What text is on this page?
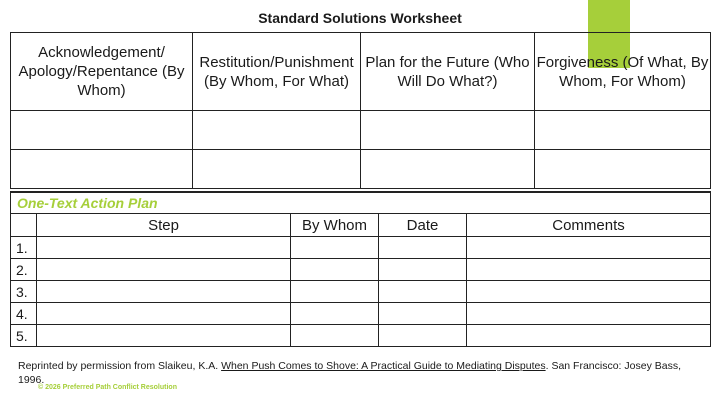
Standard Solutions Worksheet
Acknowledgement/ Apology/Repentance (By Whom)	Restitution/Punishment (By Whom, For What)	Plan for the Future (Who Will Do What?)	Forgiveness (Of What, By Whom, For Whom)

One-Text Action Plan				
	Step	By Whom	Date	Comments
1.				
2.				
3.				
4.				
5.				
Reprinted by permission from Slaikeu, K.A. When Push Comes to Shove: A Practical Guide to Mediating Disputes. San Francisco: Josey Bass, 1996.
© 2026 Preferred Path Conflict Resolution
